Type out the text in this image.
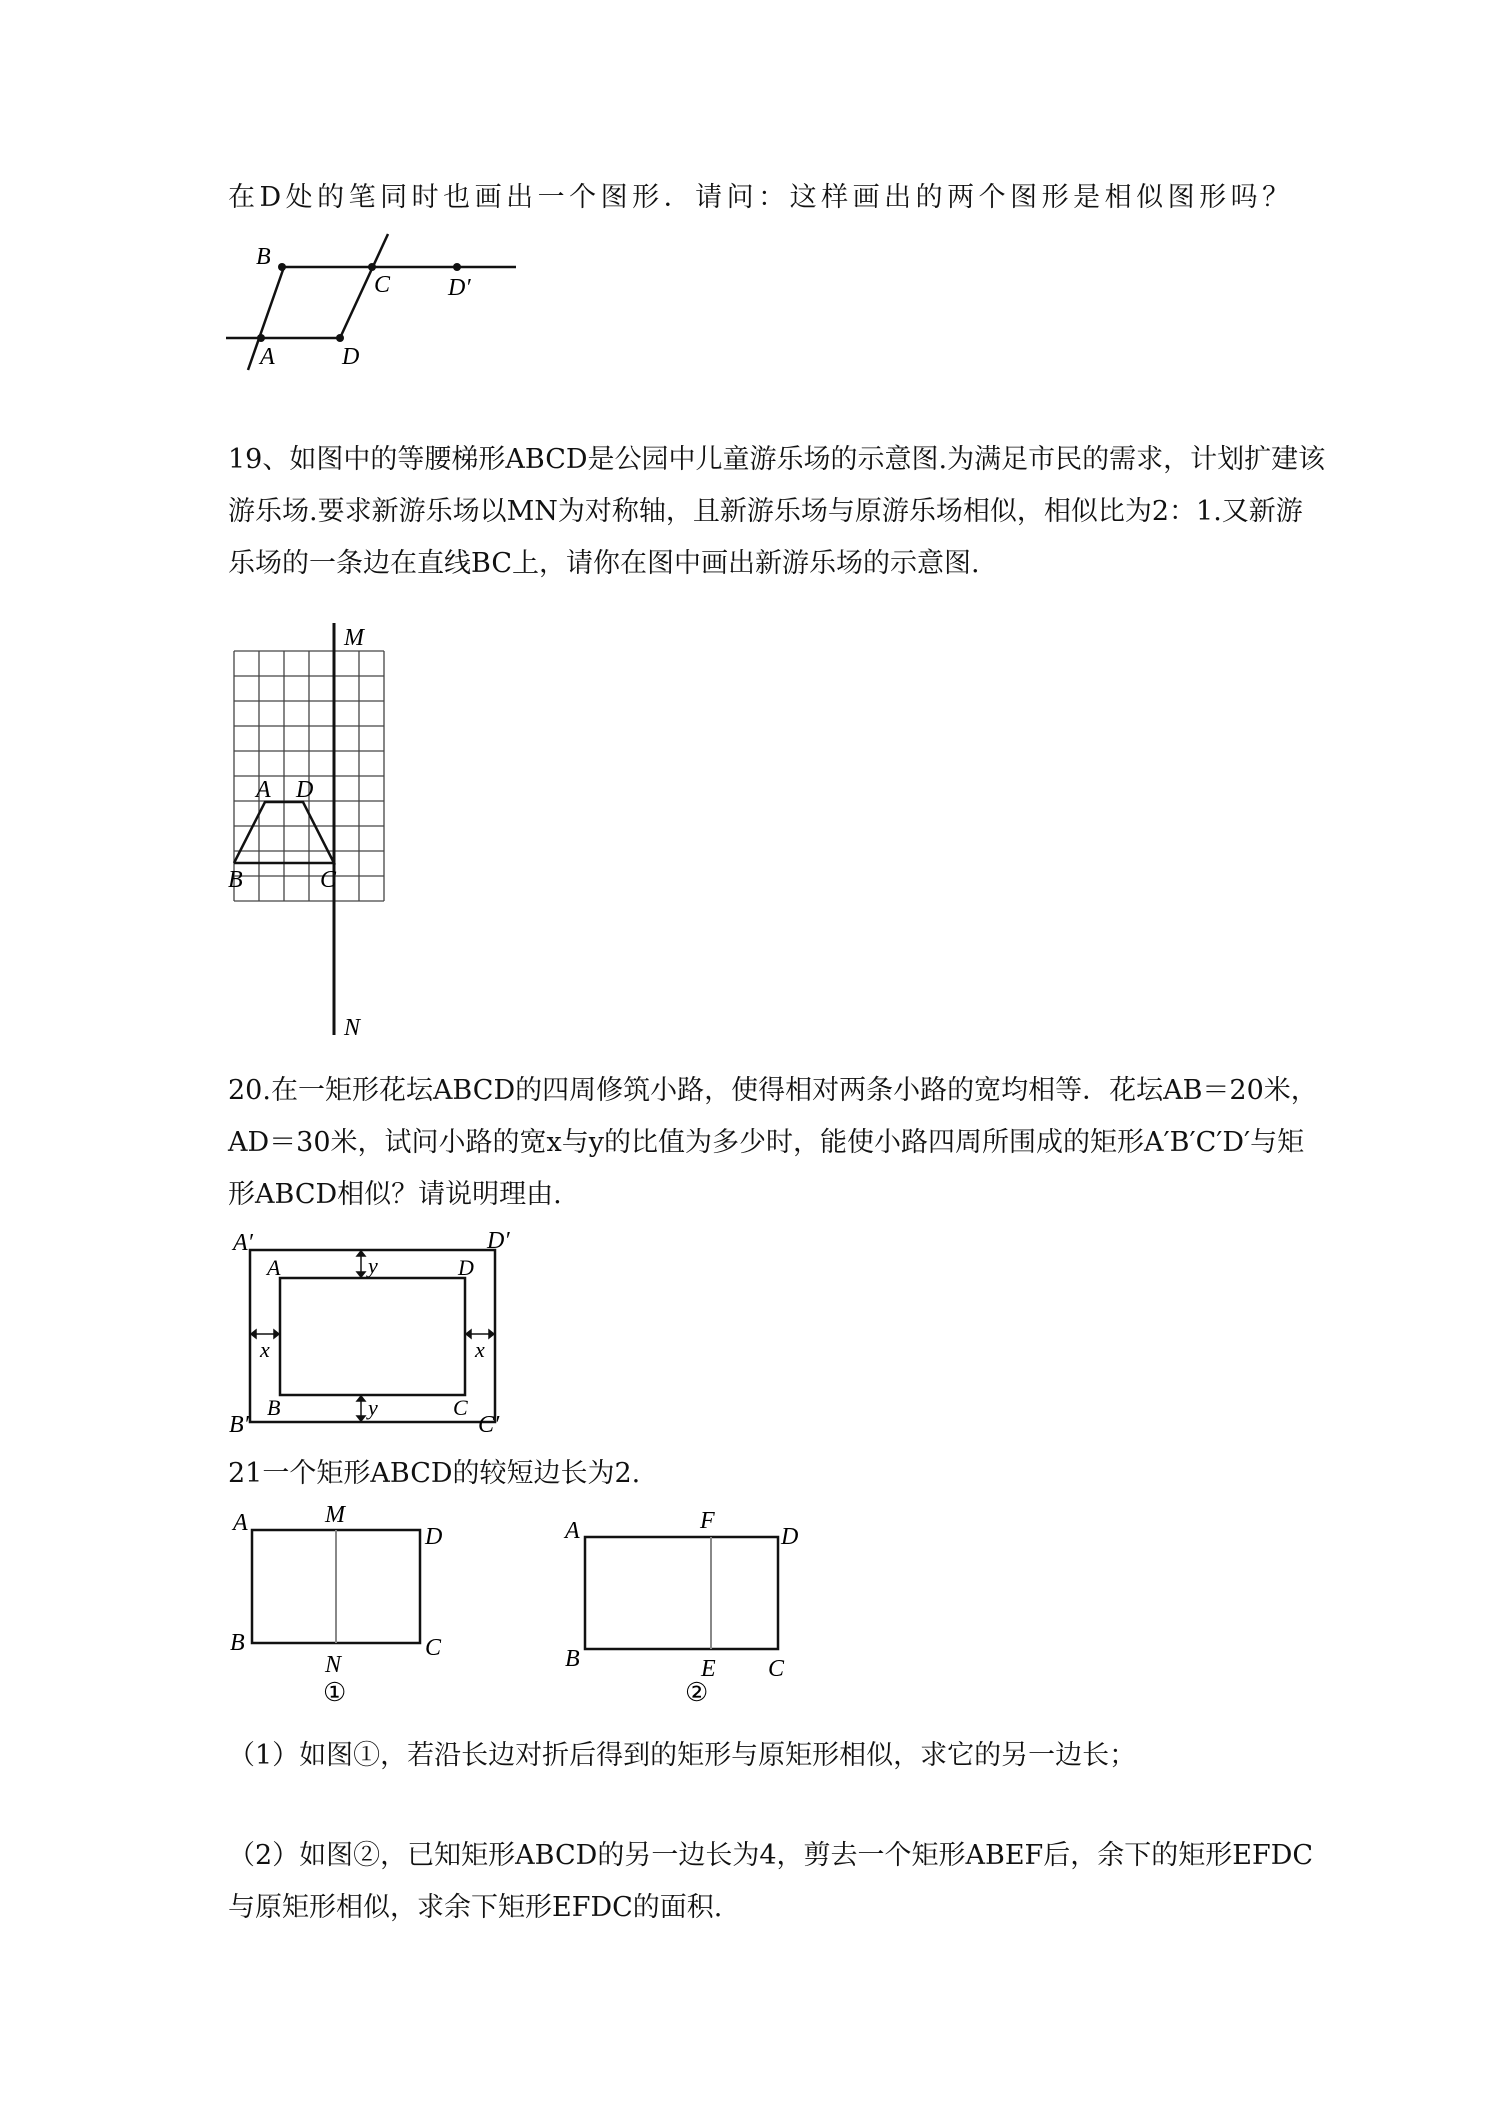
在D处的笔同时也画出一个图形．请问：这样画出的两个图形是相似图形吗？
B
C D′
A	D
19、如图中的等腰梯形ABCD是公园中儿童游乐场的示意图.为满足市民的需求，计划扩建该
游乐场.要求新游乐场以MN为对称轴，且新游乐场与原游乐场相似，相似比为2：1.又新游
乐场的一条边在直线BC上，请你在图中画出新游乐场的示意图.
M
N
A D
B	C
20.在一矩形花坛ABCD的四周修筑小路，使得相对两条小路的宽均相等．花坛AB＝20米，
AD＝30米，试问小路的宽x与y的比值为多少时，能使小路四周所围成的矩形A′B′C′D′与矩
形ABCD相似？请说明理由.
A′	D′
A	D
y
x	x
B	C
y
B′	C′
21一个矩形ABCD的较短边长为2.
A	M
D
B
N
C
①
A	F
D
B	E C
②
（1）如图①，若沿长边对折后得到的矩形与原矩形相似，求它的另一边长；
（2）如图②，已知矩形ABCD的另一边长为4，剪去一个矩形ABEF后，余下的矩形EFDC
与原矩形相似，求余下矩形EFDC的面积.
